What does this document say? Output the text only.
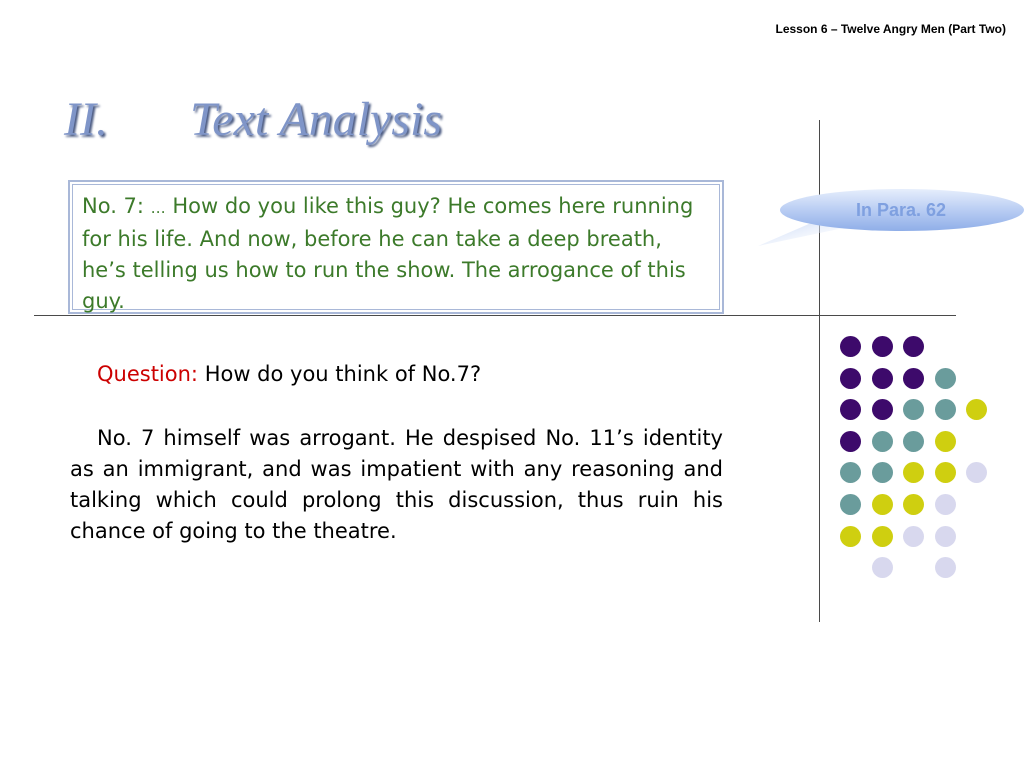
Lesson 6 – Twelve Angry Men (Part Two)
II. Text Analysis
No. 7: … How do you like this guy? He comes here running for his life. And now, before he can take a deep breath, he’s telling us how to run the show. The arrogance of this guy.
In Para. 62
Question: How do you think of No.7?
No. 7 himself was arrogant. He despised No. 11’s identity as an immigrant, and was impatient with any reasoning and talking which could prolong this discussion, thus ruin his chance of going to the theatre.
